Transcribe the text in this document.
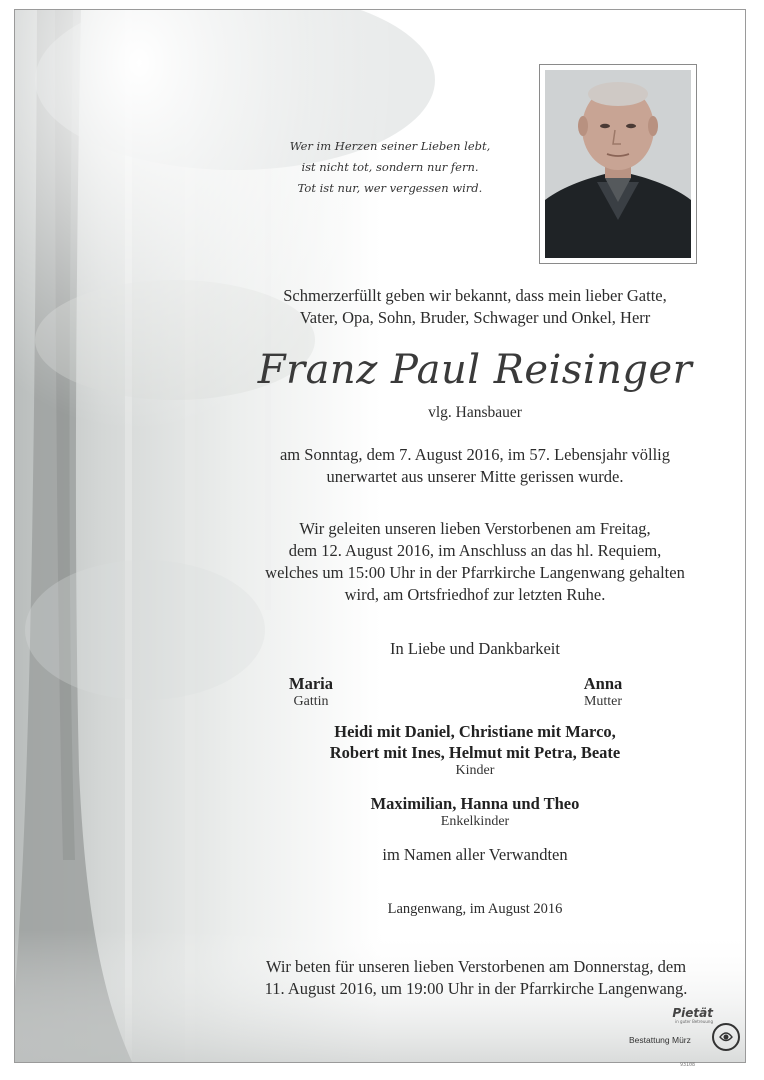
Wer im Herzen seiner Lieben lebt,
ist nicht tot, sondern nur fern.
Tot ist nur, wer vergessen wird.
Schmerzerfüllt geben wir bekannt, dass mein lieber Gatte,
Vater, Opa, Sohn, Bruder, Schwager und Onkel, Herr
Franz Paul Reisinger
vlg. Hansbauer
am Sonntag, dem 7. August 2016, im 57. Lebensjahr völlig
unerwartet aus unserer Mitte gerissen wurde.
Wir geleiten unseren lieben Verstorbenen am Freitag,
dem 12. August 2016, im Anschluss an das hl. Requiem,
welches um 15:00 Uhr in der Pfarrkirche Langenwang gehalten
wird, am Ortsfriedhof zur letzten Ruhe.
In Liebe und Dankbarkeit
Maria
Gattin
Anna
Mutter
Heidi mit Daniel, Christiane mit Marco,
Robert mit Ines, Helmut mit Petra, Beate
Kinder
Maximilian, Hanna und Theo
Enkelkinder
im Namen aller Verwandten
Langenwang, im August 2016
Wir beten für unseren lieben Verstorbenen am Donnerstag, dem
11. August 2016, um 19:00 Uhr in der Pfarrkirche Langenwang.
Pietät
in guter Betreuung
Bestattung Mürz
93108
